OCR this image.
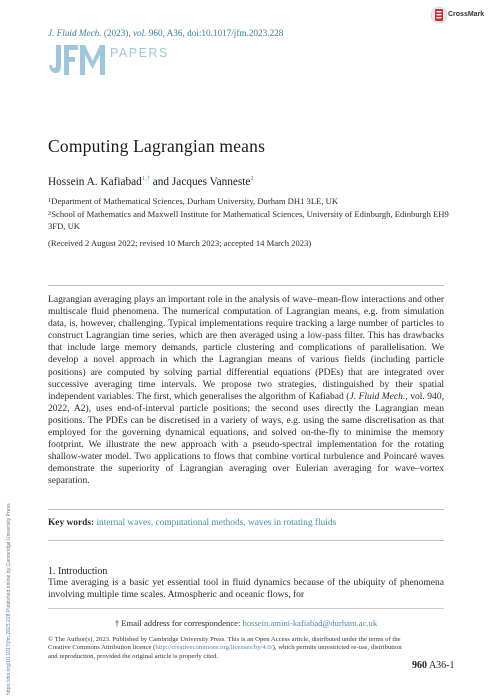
J. Fluid Mech. (2023), vol. 960, A36, doi:10.1017/jfm.2023.228
CrossMark
PAPERS
Computing Lagrangian means
Hossein A. Kafiabad$^{1,\dagger}$ and Jacques Vanneste$^2$
$^1$Department of Mathematical Sciences, Durham University, Durham DH1 3LE, UK
$^2$School of Mathematics and Maxwell Institute for Mathematical Sciences, University of Edinburgh, Edinburgh EH9 3FD, UK
(Received 2 August 2022; revised 10 March 2023; accepted 14 March 2023)
Lagrangian averaging plays an important role in the analysis of wave–mean-flow interactions and other multiscale fluid phenomena. The numerical computation of Lagrangian means, e.g. from simulation data, is, however, challenging. Typical implementations require tracking a large number of particles to construct Lagrangian time series, which are then averaged using a low-pass filter. This has drawbacks that include large memory demands, particle clustering and complications of parallelisation. We develop a novel approach in which the Lagrangian means of various fields (including particle positions) are computed by solving partial differential equations (PDEs) that are integrated over successive averaging time intervals. We propose two strategies, distinguished by their spatial independent variables. The first, which generalises the algorithm of Kafiabad (J. Fluid Mech., vol. 940, 2022, A2), uses end-of-interval particle positions; the second uses directly the Lagrangian mean positions. The PDEs can be discretised in a variety of ways, e.g. using the same discretisation as that employed for the governing dynamical equations, and solved on-the-fly to minimise the memory footprint. We illustrate the new approach with a pseudo-spectral implementation for the rotating shallow-water model. Two applications to flows that combine vortical turbulence and Poincaré waves demonstrate the superiority of Lagrangian averaging over Eulerian averaging for wave–vortex separation.
Key words: internal waves, computational methods, waves in rotating fluids
1. Introduction
Time averaging is a basic yet essential tool in fluid dynamics because of the ubiquity of phenomena involving multiple time scales. Atmospheric and oceanic flows, for
† Email address for correspondence: hossein.amini-kafiabad@durham.ac.uk
© The Author(s), 2023. Published by Cambridge University Press. This is an Open Access article, distributed under the terms of the Creative Commons Attribution licence (http://creativecommons.org/licenses/by/4.0/), which permits unrestricted re-use, distribution and reproduction, provided the original article is properly cited.
960 A36-1
https://doi.org/10.1017/jfm.2023.228 Published online by Cambridge University Press
